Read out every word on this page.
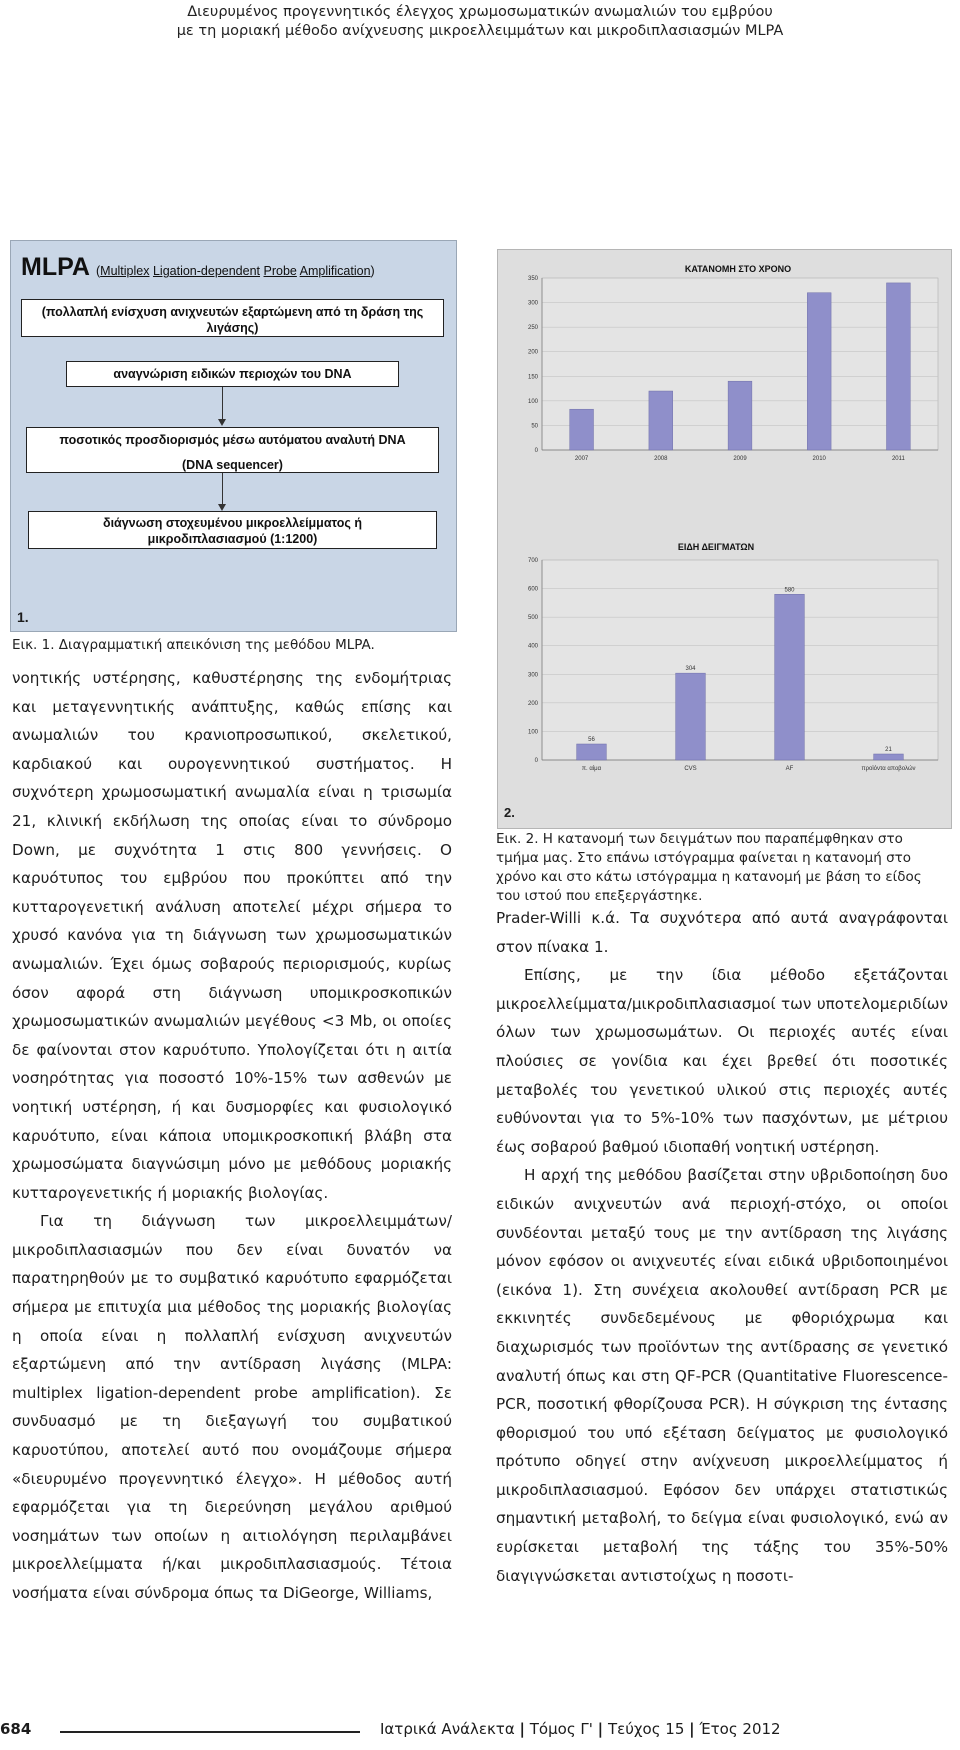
Διευρυμένος προγεννητικός έλεγχος χρωμοσωματικών ανωμαλιών του εμβρύου
με τη μοριακή μέθοδο ανίχνευσης μικροελλειμμάτων και μικροδιπλασιασμών MLPA
MLPA (Multiplex Ligation-dependent Probe Amplification)
(πολλαπλή ενίσχυση ανιχνευτών εξαρτώμενη από τη δράση της λιγάσης)
αναγνώριση ειδικών περιοχών του DNA
ποσοτικός προσδιορισμός μέσω αυτόματου αναλυτή DNA
(DNA sequencer)
διάγνωση στοχευμένου μικροελλείμματος ή μικροδιπλασιασμού (1:1200)
1.
Εικ. 1. Διαγραμματική απεικόνιση της μεθόδου MLPA.

νοητικής υστέρησης, καθυστέρησης της ενδομήτριας και μεταγεννητικής ανάπτυξης, καθώς επίσης και ανωμαλιών του κρανιοπροσωπικού, σκελετικού, καρδιακού και ουρογεννητικού συστήματος. Η συχνότερη χρωμοσωματική ανωμαλία είναι η τρισωμία 21, κλινική εκδήλωση της οποίας είναι το σύνδρομο Down, με συχνότητα 1 στις 800 γεννήσεις. Ο καρυότυπος του εμβρύου που προκύπτει από την κυτταρογενετική ανάλυση αποτελεί μέχρι σήμερα το χρυσό κανόνα για τη διάγνωση των χρωμοσωματικών ανωμαλιών. Έχει όμως σοβαρούς περιορισμούς, κυρίως όσον αφορά στη διάγνωση υπομικροσκοπικών χρωμοσωματικών ανωμαλιών μεγέθους <3 Mb, οι οποίες δε φαίνονται στον καρυότυπο. Υπολογίζεται ότι η αιτία νοσηρότητας για ποσοστό 10%-15% των ασθενών με νοητική υστέρηση, ή και δυσμορφίες και φυσιολογικό καρυότυπο, είναι κάποια υπομικροσκοπική βλάβη στα χρωμοσώματα διαγνώσιμη μόνο με μεθόδους μοριακής κυτταρογενετικής ή μοριακής βιολογίας.

Για τη διάγνωση των μικροελλειμμάτων/μικροδιπλασιασμών που δεν είναι δυνατόν να παρατηρηθούν με το συμβατικό καρυότυπο εφαρμόζεται σήμερα με επιτυχία μια μέθοδος της μοριακής βιολογίας η οποία είναι η πολλαπλή ενίσχυση ανιχνευτών εξαρτώμενη από την αντίδραση λιγάσης (MLPA: multiplex ligation-dependent probe amplification). Σε συνδυασμό με τη διεξαγωγή του συμβατικού καρυοτύπου, αποτελεί αυτό που ονομάζουμε σήμερα «διευρυμένο προγεννητικό έλεγχο». Η μέθοδος αυτή εφαρμόζεται για τη διερεύνηση μεγάλου αριθμού νοσημάτων των οποίων η αιτιολόγηση περιλαμβάνει μικροελλείμματα ή/και μικροδιπλασιασμούς. Τέτοια νοσήματα είναι σύνδρομα όπως τα DiGeorge, Williams,

ΚΑΤΑΝΟΜΗ ΣΤΟ ΧΡΟΝΟ
0
50
100
150
200
250
300
350
2007	2008	2009	2010	2011
ΕΙΔΗ ΔΕΙΓΜΑΤΩΝ
0
100
200
300
400
500
600
700
π. αίμα
56
CVS
304
AF
580
προϊόντα αποβολών
21
2.
Εικ. 2. Η κατανομή των δειγμάτων που παραπέμφθηκαν στο τμήμα μας. Στο επάνω ιστόγραμμα φαίνεται η κατανομή στο χρόνο και στο κάτω ιστόγραμμα η κατανομή με βάση το είδος του ιστού που επεξεργάστηκε.

Prader-Willi κ.ά. Τα συχνότερα από αυτά αναγράφονται στον πίνακα 1.

Επίσης, με την ίδια μέθοδο εξετάζονται μικροελλείμματα/μικροδιπλασιασμοί των υποτελομεριδίων όλων των χρωμοσωμάτων. Οι περιοχές αυτές είναι πλούσιες σε γονίδια και έχει βρεθεί ότι ποσοτικές μεταβολές του γενετικού υλικού στις περιοχές αυτές ευθύνονται για το 5%-10% των πασχόντων, με μέτριου έως σοβαρού βαθμού ιδιοπαθή νοητική υστέρηση.

Η αρχή της μεθόδου βασίζεται στην υβριδοποίηση δυο ειδικών ανιχνευτών ανά περιοχή-στόχο, οι οποίοι συνδέονται μεταξύ τους με την αντίδραση της λιγάσης μόνον εφόσον οι ανιχνευτές είναι ειδικά υβριδοποιημένοι (εικόνα 1). Στη συνέχεια ακολουθεί αντίδραση PCR με εκκινητές συνδεδεμένους με φθοριόχρωμα και διαχωρισμός των προϊόντων της αντίδρασης σε γενετικό αναλυτή όπως και στη QF-PCR (Quantitative Fluorescence-PCR, ποσοτική φθορίζουσα PCR). Η σύγκριση της έντασης φθορισμού του υπό εξέταση δείγματος με φυσιολογικό πρότυπο οδηγεί στην ανίχνευση μικροελλείμματος ή μικροδιπλασιασμού. Εφόσον δεν υπάρχει στατιστικώς σημαντική μεταβολή, το δείγμα είναι φυσιολογικό, ενώ αν ευρίσκεται μεταβολή της τάξης του 35%-50% διαγιγνώσκεται αντιστοίχως η ποσοτι-

684	Ιατρικά Ανάλεκτα | Τόμος Γ' | Τεύχος 15 | Έτος 2012
